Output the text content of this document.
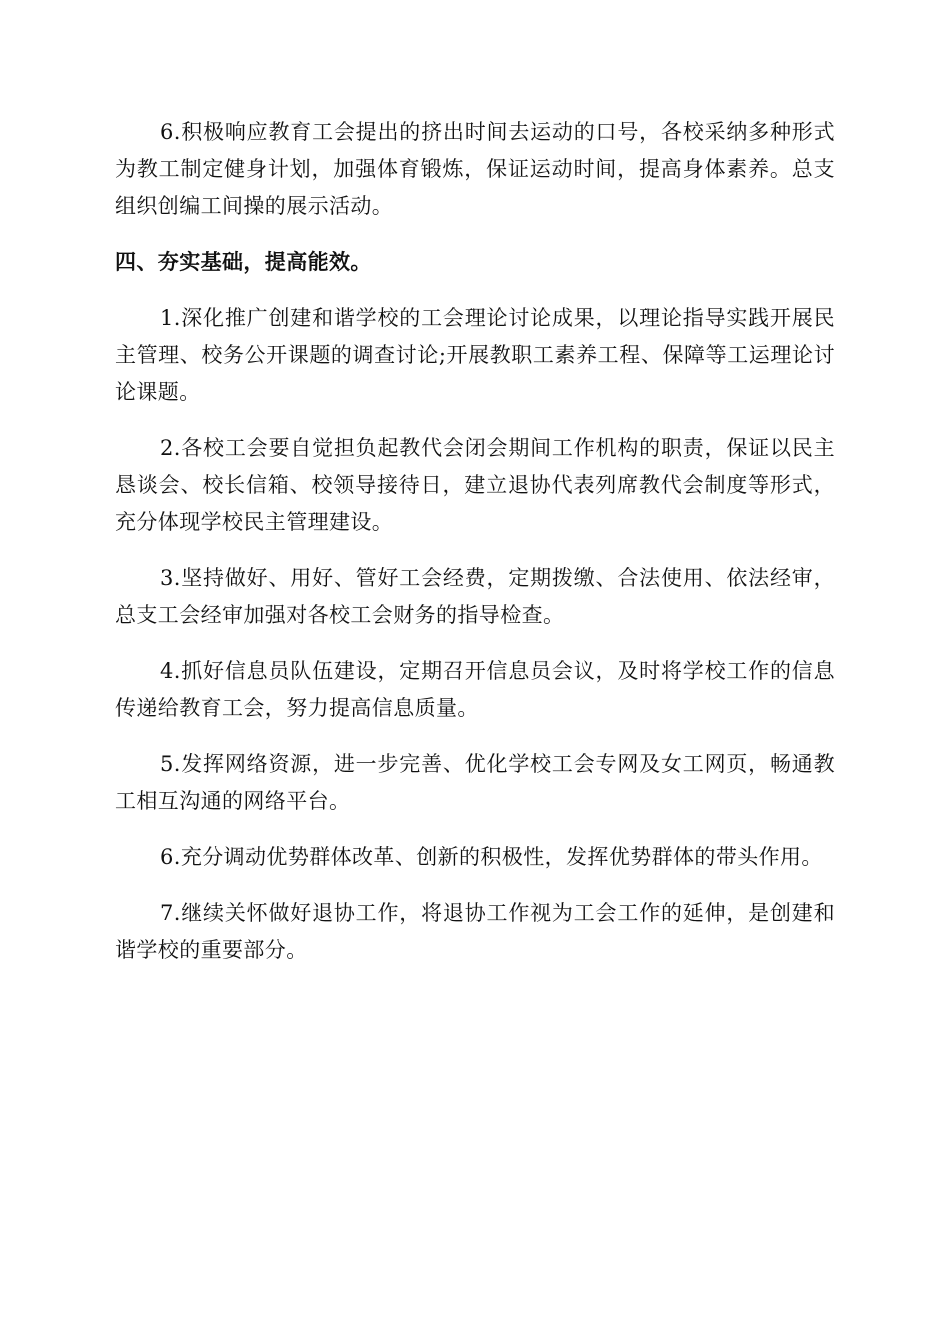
6.积极响应教育工会提出的挤出时间去运动的口号，各校采纳多种形式为教工制定健身计划，加强体育锻炼，保证运动时间，提高身体素养。总支组织创编工间操的展示活动。

四、夯实基础，提高能效。

1.深化推广创建和谐学校的工会理论讨论成果，以理论指导实践开展民主管理、校务公开课题的调查讨论;开展教职工素养工程、保障等工运理论讨论课题。

2.各校工会要自觉担负起教代会闭会期间工作机构的职责，保证以民主恳谈会、校长信箱、校领导接待日，建立退协代表列席教代会制度等形式，充分体现学校民主管理建设。

3.坚持做好、用好、管好工会经费，定期拨缴、合法使用、依法经审，总支工会经审加强对各校工会财务的指导检查。

4.抓好信息员队伍建设，定期召开信息员会议，及时将学校工作的信息传递给教育工会，努力提高信息质量。

5.发挥网络资源，进一步完善、优化学校工会专网及女工网页，畅通教工相互沟通的网络平台。

6.充分调动优势群体改革、创新的积极性，发挥优势群体的带头作用。

7.继续关怀做好退协工作，将退协工作视为工会工作的延伸，是创建和谐学校的重要部分。
